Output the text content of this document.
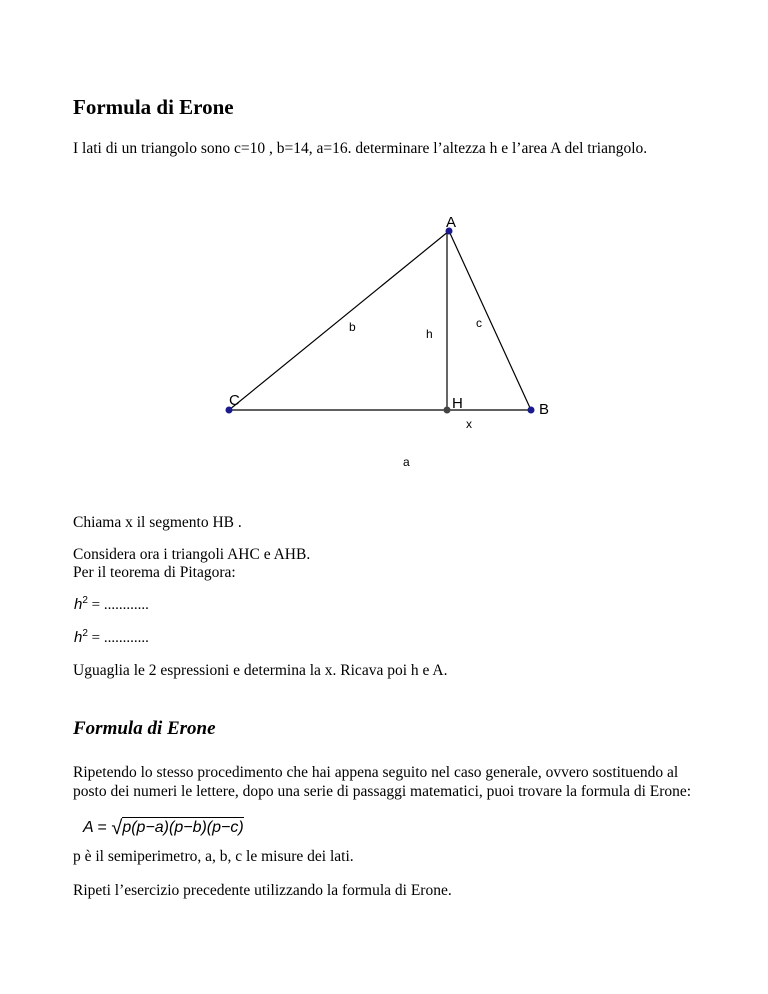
Formula di Erone
I lati di un triangolo sono c=10 , b=14, a=16. determinare l’altezza h e l’area A del triangolo.
A
C	H	B
b	h
c
x
a
Chiama x il segmento HB .
Considera ora i triangoli AHC e AHB.
Per il teorema di Pitagora:
$h^2$ = ............
$h^2$ = ............
Uguaglia le 2 espressioni e determina la x. Ricava poi h e A.
Formula di Erone
Ripetendo lo stesso procedimento che hai appena seguito nel caso generale, ovvero sostituendo al
posto dei numeri le lettere, dopo una serie di passaggi matematici, puoi trovare la formula di Erone:
A = √p(p−a)(p−b)(p−c)
p è il semiperimetro, a, b, c le misure dei lati.
Ripeti l’esercizio precedente utilizzando la formula di Erone.
